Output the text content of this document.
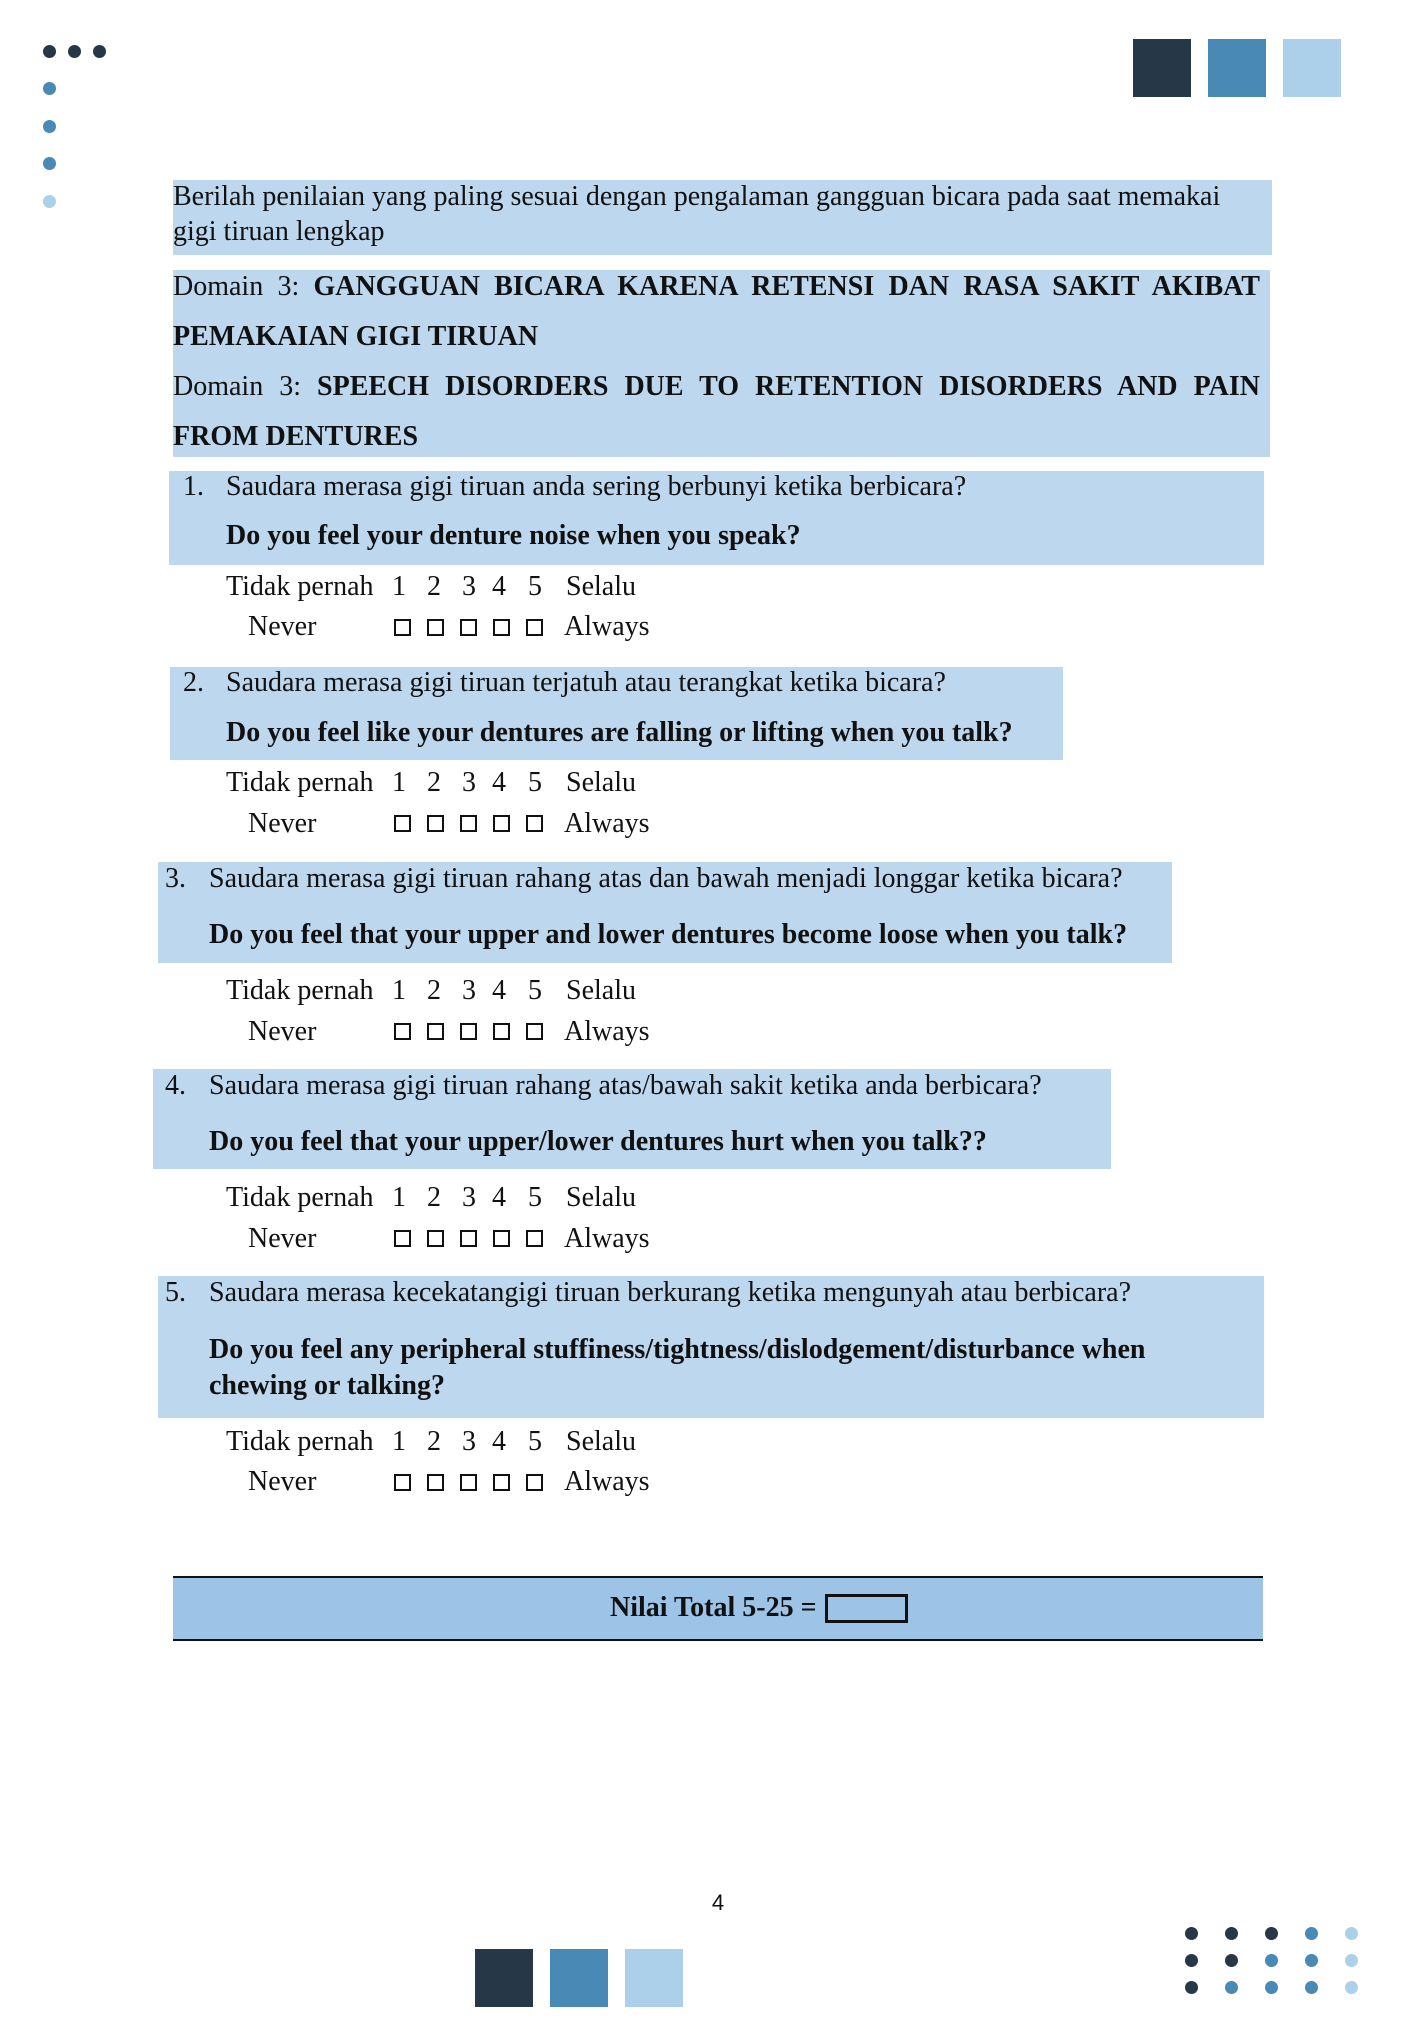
Berilah penilaian yang paling sesuai dengan pengalaman gangguan bicara pada saat memakai
gigi tiruan lengkap
Domain 3: GANGGUAN BICARA KARENA RETENSI DAN RASA SAKIT AKIBAT
PEMAKAIAN GIGI TIRUAN
Domain 3: SPEECH DISORDERS DUE TO RETENTION DISORDERS AND PAIN
FROM DENTURES
1. Saudara merasa gigi tiruan anda sering berbunyi ketika berbicara?
Do you feel your denture noise when you speak?
Tidak pernah 1 2 3 4 5 Selalu
Never	Always
2. Saudara merasa gigi tiruan terjatuh atau terangkat ketika bicara?
Do you feel like your dentures are falling or lifting when you talk?
Tidak pernah 1 2 3 4 5 Selalu
Never	Always
3. Saudara merasa gigi tiruan rahang atas dan bawah menjadi longgar ketika bicara?
Do you feel that your upper and lower dentures become loose when you talk?
Tidak pernah 1 2 3 4 5 Selalu
Never	Always
4. Saudara merasa gigi tiruan rahang atas/bawah sakit ketika anda berbicara?
Do you feel that your upper/lower dentures hurt when you talk??
Tidak pernah 1 2 3 4 5 Selalu
Never	Always
5. Saudara merasa kecekatangigi tiruan berkurang ketika mengunyah atau berbicara?
Do you feel any peripheral stuffiness/tightness/dislodgement/disturbance when
chewing or talking?
Tidak pernah 1 2 3 4 5 Selalu
Never	Always
Nilai Total 5-25 =
4
